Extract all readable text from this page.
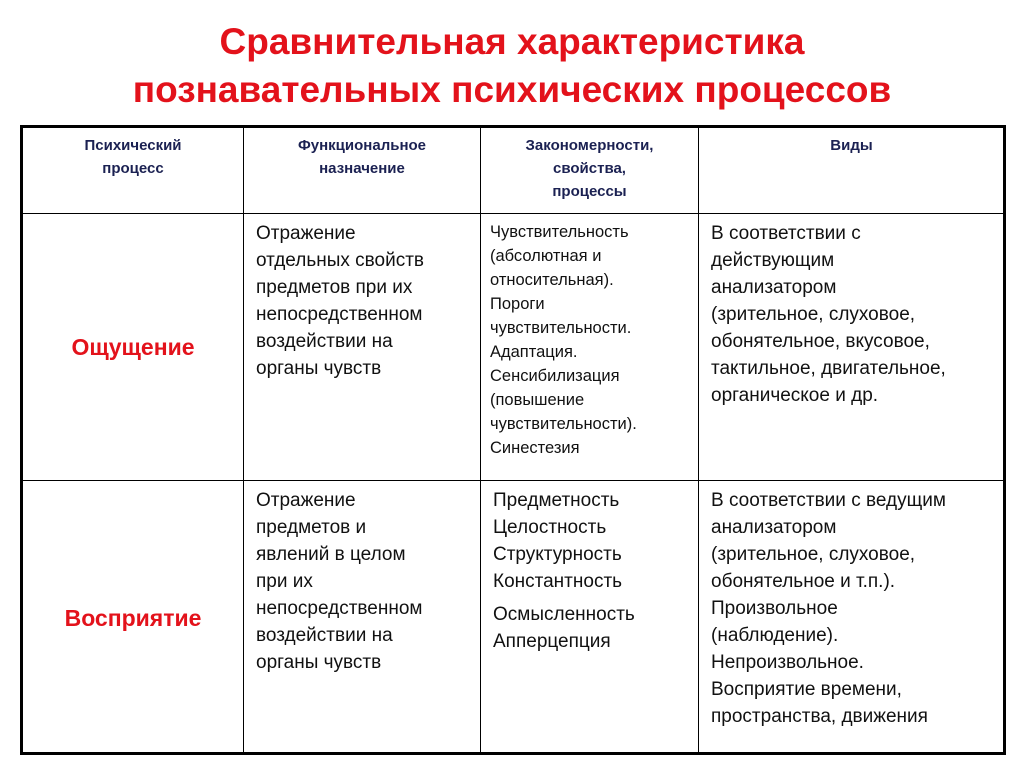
Сравнительная характеристика
познавательных психических процессов
Психический
процесс
Функциональное
назначение
Закономерности,
свойства,
процессы
Виды
Ощущение
Отражение
отдельных свойств
предметов при их
непосредственном
воздействии на
органы чувств
Чувствительность
(абсолютная и
относительная).
Пороги
чувствительности.
Адаптация.
Сенсибилизация
(повышение
чувствительности).
Синестезия
В соответствии с
действующим
анализатором
(зрительное, слуховое,
обонятельное, вкусовое,
тактильное, двигательное,
органическое и др.
Восприятие
Отражение
предметов и
явлений в целом
при их
непосредственном
воздействии на
органы чувств
Предметность
Целостность
Структурность
Константность
Осмысленность
Апперцепция
В соответствии с ведущим
анализатором
(зрительное, слуховое,
обонятельное и т.п.).
Произвольное
(наблюдение).
Непроизвольное.
Восприятие времени,
пространства, движения
